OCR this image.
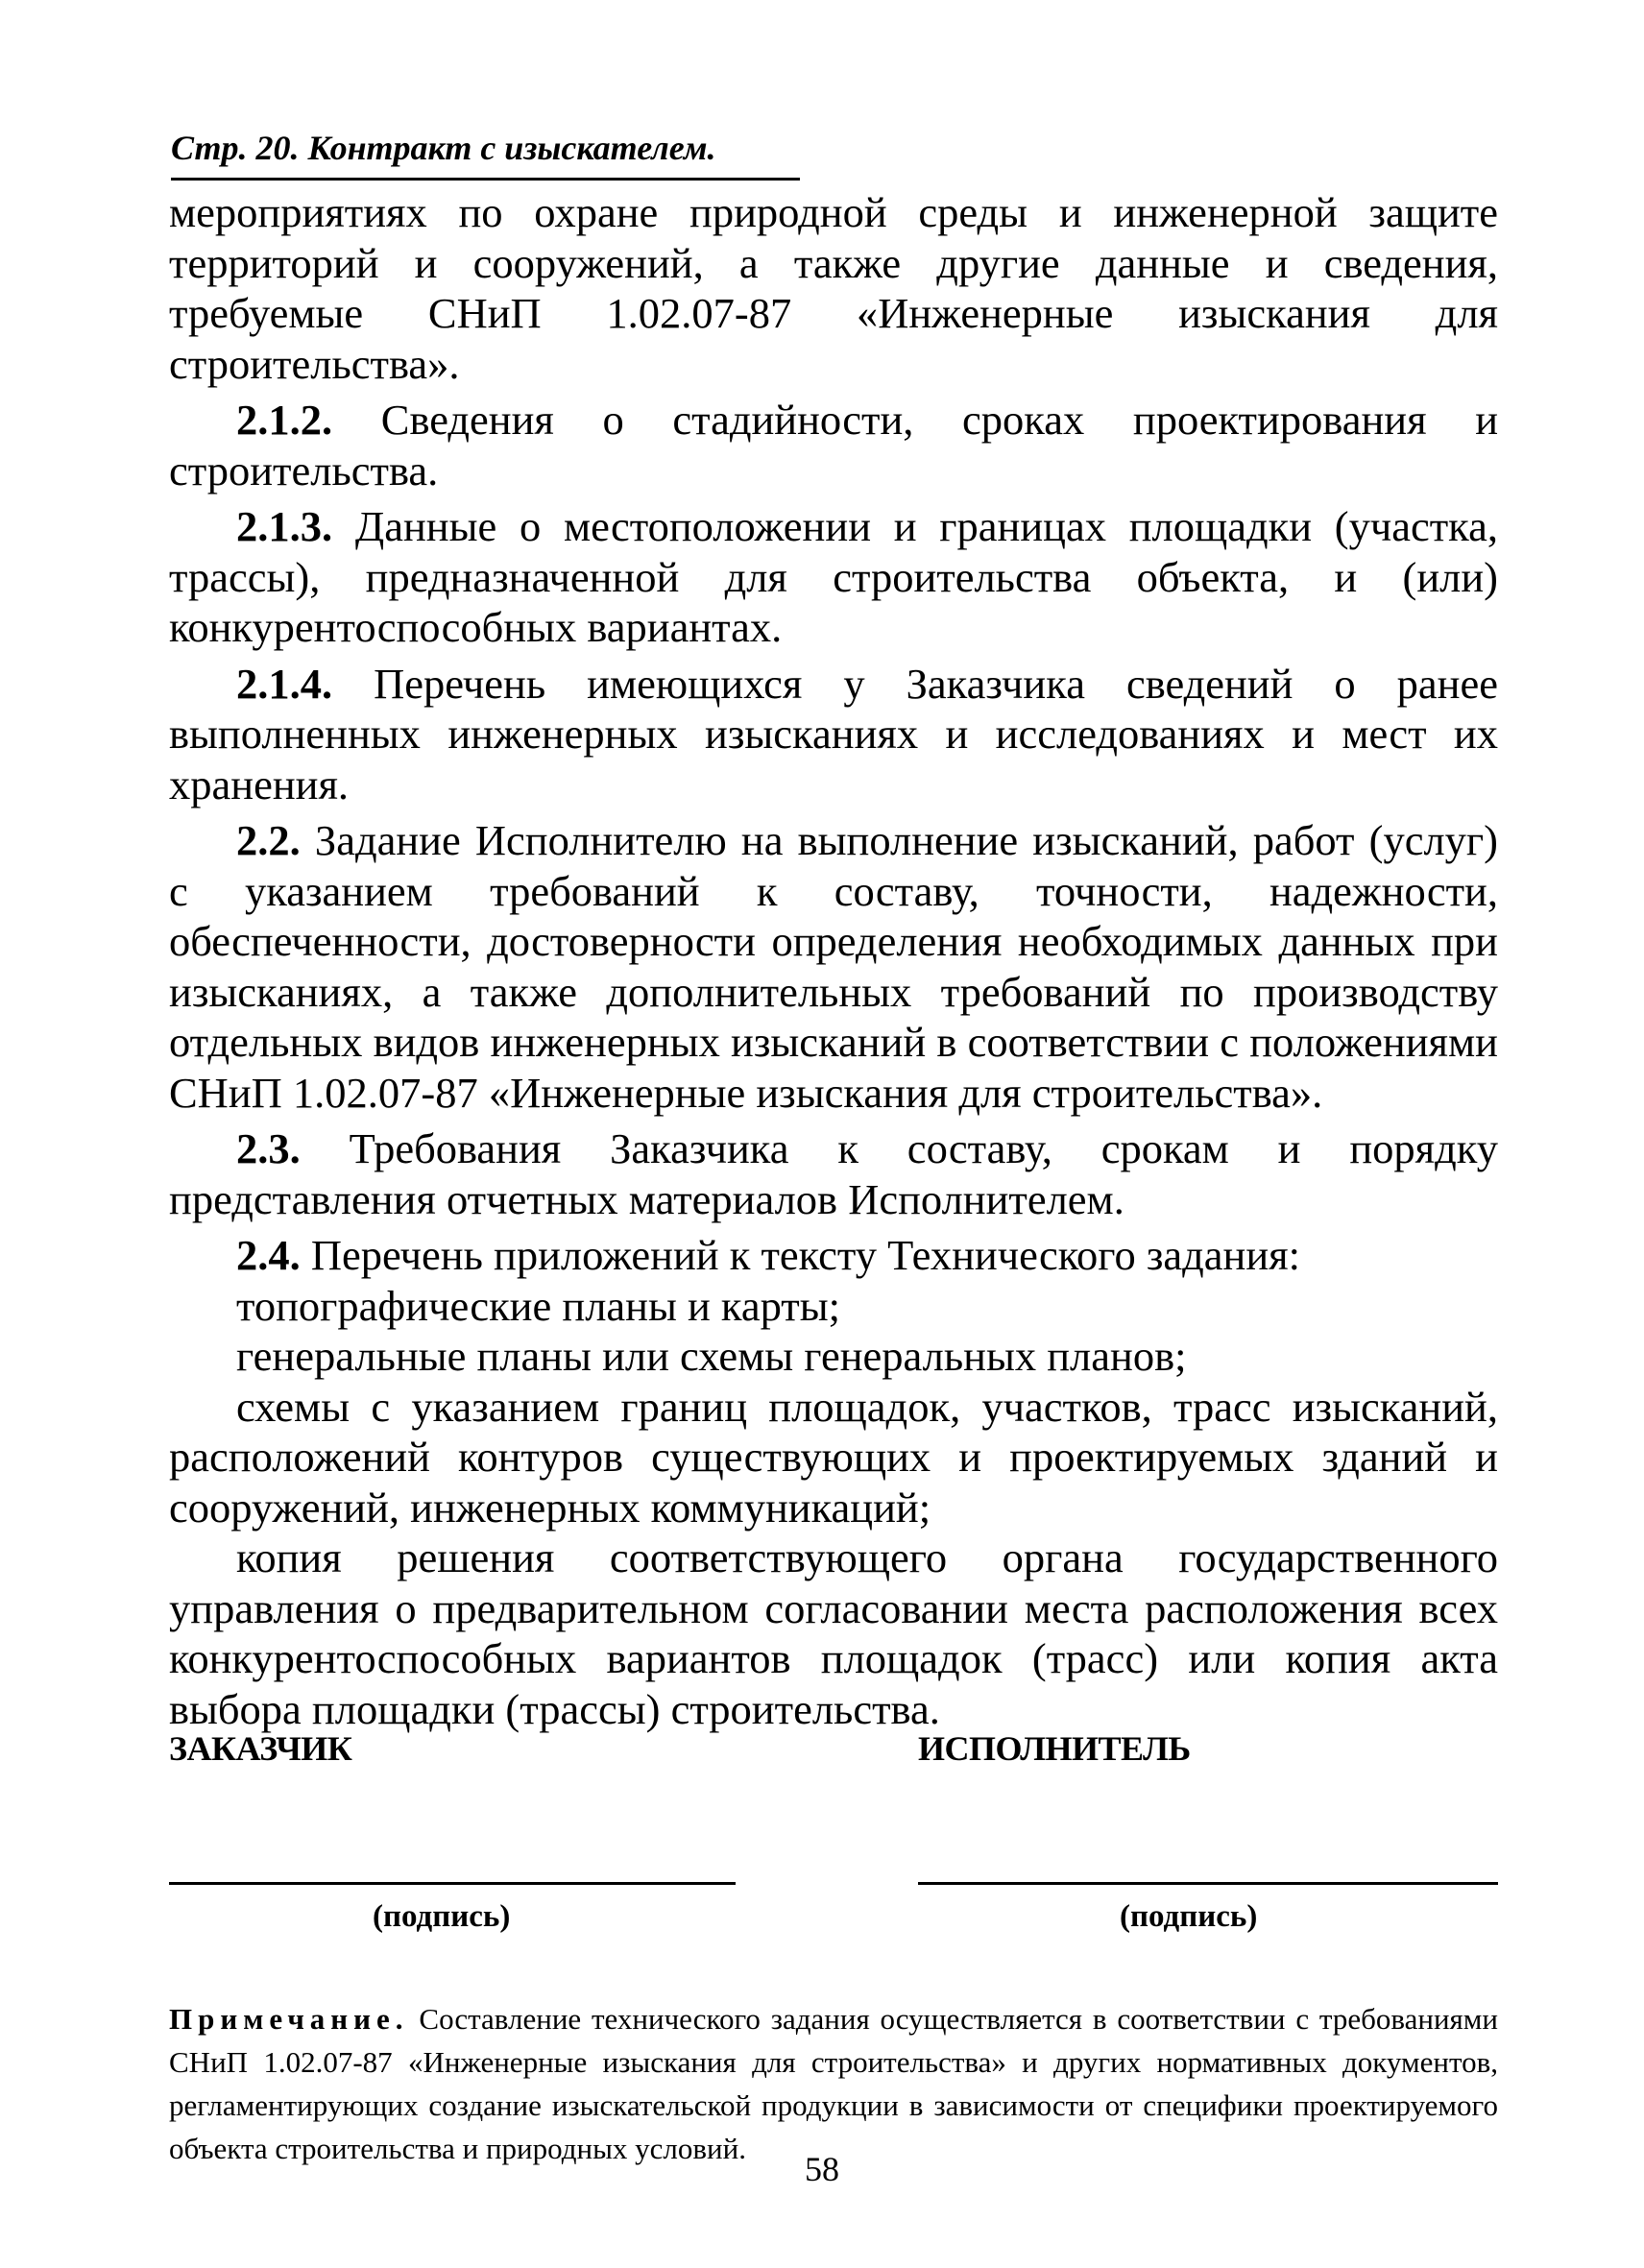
Стр. 20. Контракт с изыскателем.

мероприятиях по охране природной среды и инженерной защите территорий и сооружений, а также другие данные и сведения, требуемые СНиП 1.02.07-87 «Инженерные изыскания для строительства».

2.1.2. Сведения о стадийности, сроках проектирования и строительства.

2.1.3. Данные о местоположении и границах площадки (участка, трассы), предназначенной для строительства объекта, и (или) конкурентоспособных вариантах.

2.1.4. Перечень имеющихся у Заказчика сведений о ранее выполненных инженерных изысканиях и исследованиях и мест их хранения.

2.2. Задание Исполнителю на выполнение изысканий, работ (услуг) с указанием требований к составу, точности, надежности, обеспеченности, достоверности определения необходимых данных при изысканиях, а также дополнительных требований по производству отдельных видов инженерных изысканий в соответствии с положениями СНиП 1.02.07-87 «Инженерные изыскания для строительства».

2.3. Требования Заказчика к составу, срокам и порядку представления отчетных материалов Исполнителем.

2.4. Перечень приложений к тексту Технического задания:

топографические планы и карты;

генеральные планы или схемы генеральных планов;

схемы с указанием границ площадок, участков, трасс изысканий, расположений контуров существующих и проектируемых зданий и сооружений, инженерных коммуникаций;

копия решения соответствующего органа государственного управления о предварительном согласовании места расположения всех конкурентоспособных вариантов площадок (трасс) или копия акта выбора площадки (трассы) строительства.

ЗАКАЗЧИК	ИСПОЛНИТЕЛЬ
(подпись)	(подпись)
Примечание. Составление технического задания осуществляется в соответствии с требованиями СНиП 1.02.07-87 «Инженерные изыскания для строительства» и других нормативных документов, регламентирующих создание изыскательской продукции в зависимости от специфики проектируемого объекта строительства и природных условий.
58
